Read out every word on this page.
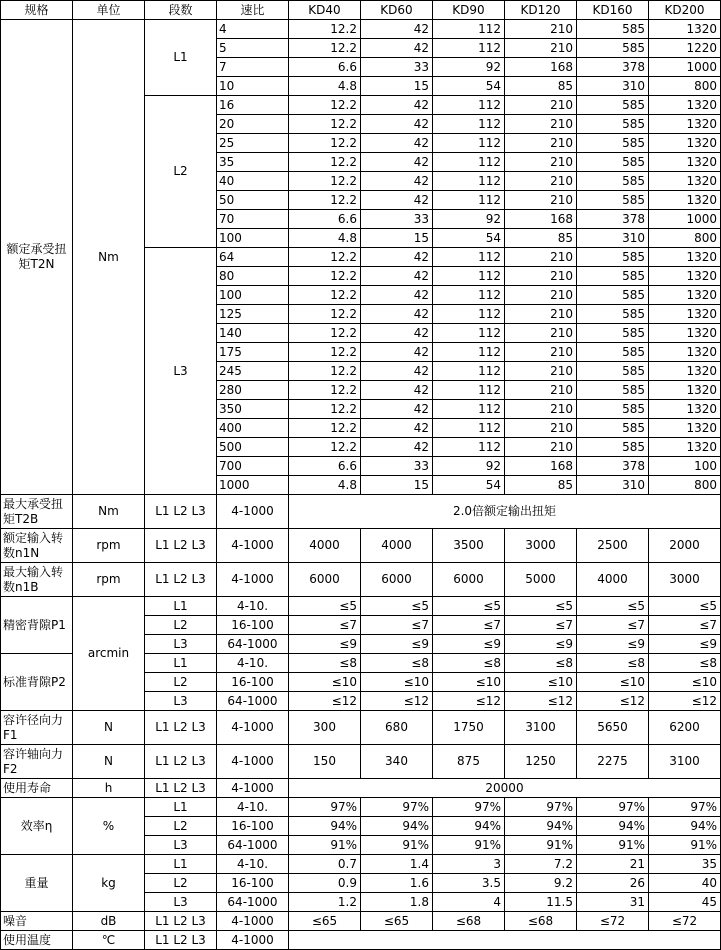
规格	单位	段数	速比	KD40	KD60	KD90	KD120	KD160	KD200
额定承受扭矩T2N	Nm	L1	4	12.2	42	112	210	585	1320
			5	12.2	42	112	210	585	1220
			7	6.6	33	92	168	378	1000
			10	4.8	15	54	85	310	800
		L2	16	12.2	42	112	210	585	1320
			20	12.2	42	112	210	585	1320
			25	12.2	42	112	210	585	1320
			35	12.2	42	112	210	585	1320
			40	12.2	42	112	210	585	1320
			50	12.2	42	112	210	585	1320
			70	6.6	33	92	168	378	1000
			100	4.8	15	54	85	310	800
		L3	64	12.2	42	112	210	585	1320
			80	12.2	42	112	210	585	1320
			100	12.2	42	112	210	585	1320
			125	12.2	42	112	210	585	1320
			140	12.2	42	112	210	585	1320
			175	12.2	42	112	210	585	1320
			245	12.2	42	112	210	585	1320
			280	12.2	42	112	210	585	1320
			350	12.2	42	112	210	585	1320
			400	12.2	42	112	210	585	1320
			500	12.2	42	112	210	585	1320
			700	6.6	33	92	168	378	100
			1000	4.8	15	54	85	310	800
最大承受扭矩T2B	Nm	L1 L2 L3	4-1000	2.0倍额定输出扭矩					
额定输入转数n1N	rpm	L1 L2 L3	4-1000	4000	4000	3500	3000	2500	2000
最大输入转数n1B	rpm	L1 L2 L3	4-1000	6000	6000	6000	5000	4000	3000
精密背隙P1	arcmin	L1	4-10.	≤5	≤5	≤5	≤5	≤5	≤5
		L2	16-100	≤7	≤7	≤7	≤7	≤7	≤7
		L3	64-1000	≤9	≤9	≤9	≤9	≤9	≤9
标准背隙P2		L1	4-10.	≤8	≤8	≤8	≤8	≤8	≤8
		L2	16-100	≤10	≤10	≤10	≤10	≤10	≤10
		L3	64-1000	≤12	≤12	≤12	≤12	≤12	≤12
容许径向力F1	N	L1 L2 L3	4-1000	300	680	1750	3100	5650	6200
容许轴向力F2	N	L1 L2 L3	4-1000	150	340	875	1250	2275	3100
使用寿命	h	L1 L2 L3	4-1000	20000					
效率η	%	L1	4-10.	97%	97%	97%	97%	97%	97%
		L2	16-100	94%	94%	94%	94%	94%	94%
		L3	64-1000	91%	91%	91%	91%	91%	91%
重量	kg	L1	4-10.	0.7	1.4	3	7.2	21	35
		L2	16-100	0.9	1.6	3.5	9.2	26	40
		L3	64-1000	1.2	1.8	4	11.5	31	45
噪音	dB	L1 L2 L3	4-1000	≤65	≤65	≤68	≤68	≤72	≤72
使用温度	℃	L1 L2 L3	4-1000						
